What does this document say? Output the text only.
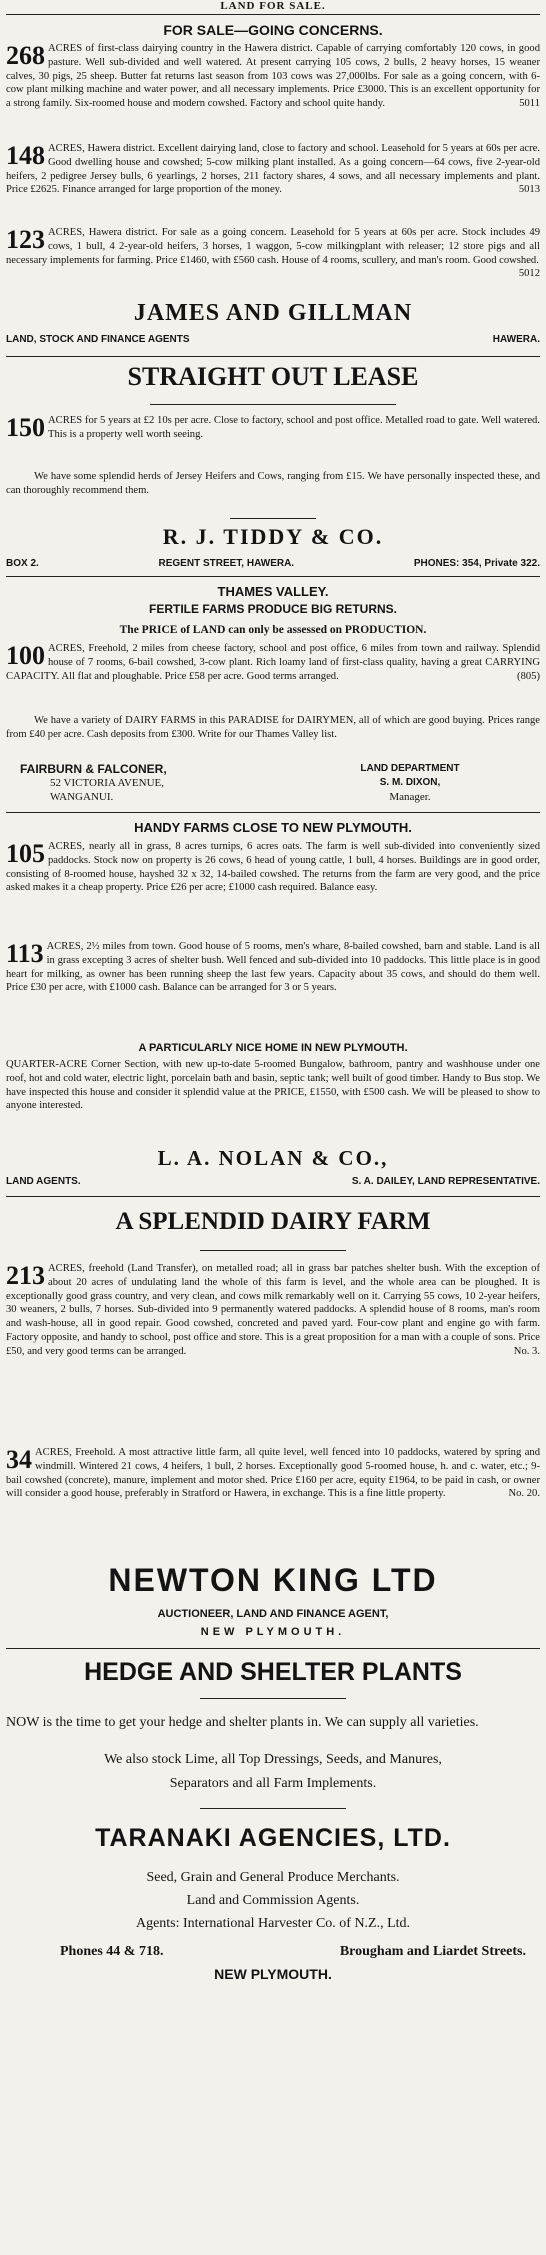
LAND FOR SALE.
FOR SALE—GOING CONCERNS.
268 ACRES of first-class dairying country in the Hawera district. Capable of carrying comfortably 120 cows, in good pasture. Well sub-divided and well watered. At present carrying 105 cows, 2 bulls, 2 heavy horses, 15 weaner calves, 30 pigs, 25 sheep. Butter fat returns last season from 103 cows was 27,000lbs. For sale as a going concern, with 6-cow plant milking machine and water power, and all necessary implements. Price £3000. This is an excellent opportunity for a strong family. Six-roomed house and modern cowshed. Factory and school quite handy.	5011
148 ACRES, Hawera district. Excellent dairying land, close to factory and school. Leasehold for 5 years at 60s per acre. Good dwelling house and cowshed; 5-cow milking plant installed. As a going concern—64 cows, five 2-year-old heifers, 2 pedigree Jersey bulls, 6 yearlings, 2 horses, 211 factory shares, 4 sows, and all necessary implements and plant. Price £2625. Finance arranged for large proportion of the money.	5013
123 ACRES, Hawera district. For sale as a going concern. Leasehold for 5 years at 60s per acre. Stock includes 49 cows, 1 bull, 4 2-year-old heifers, 3 horses, 1 waggon, 5-cow milkingplant with releaser; 12 store pigs and all necessary implements for farming. Price £1460, with £560 cash. House of 4 rooms, scullery, and man's room. Good cowshed.
5012
JAMES AND GILLMAN
LAND, STOCK AND FINANCE AGENTS	HAWERA.
STRAIGHT OUT LEASE
150 ACRES for 5 years at £2 10s per acre. Close to factory, school and post office. Metalled road to gate. Well watered. This is a property well worth seeing.
We have some splendid herds of Jersey Heifers and Cows, ranging from £15. We have personally inspected these, and can thoroughly recommend them.
R. J. TIDDY & CO.
BOX 2.	REGENT STREET, HAWERA.	PHONES: 354, Private 322.
THAMES VALLEY.
FERTILE FARMS PRODUCE BIG RETURNS.
The PRICE of LAND can only be assessed on PRODUCTION.
100 ACRES, Freehold, 2 miles from cheese factory, school and post office, 6 miles from town and railway. Splendid house of 7 rooms, 6-bail cowshed, 3-cow plant. Rich loamy land of first-class quality, having a great CARRYING CAPACITY. All flat and ploughable. Price £58 per acre. Good terms arranged.	(805)
We have a variety of DAIRY FARMS in this PARADISE for DAIRYMEN, all of which are good buying. Prices range from £40 per acre. Cash deposits from £300. Write for our Thames Valley list.
FAIRBURN & FALCONER,
52 VICTORIA AVENUE,
WANGANUI.
LAND DEPARTMENT
S. M. DIXON,
Manager.
HANDY FARMS CLOSE TO NEW PLYMOUTH.
105 ACRES, nearly all in grass, 8 acres turnips, 6 acres oats. The farm is well sub-divided into conveniently sized paddocks. Stock now on property is 26 cows, 6 head of young cattle, 1 bull, 4 horses. Buildings are in good order, consisting of 8-roomed house, hayshed 32 x 32, 14-bailed cowshed. The returns from the farm are very good, and the price asked makes it a cheap property. Price £26 per acre; £1000 cash required. Balance easy.
113 ACRES, 2½ miles from town. Good house of 5 rooms, men's whare, 8-bailed cowshed, barn and stable. Land is all in grass excepting 3 acres of shelter bush. Well fenced and sub-divided into 10 paddocks. This little place is in good heart for milking, as owner has been running sheep the last few years. Capacity about 35 cows, and should do them well. Price £30 per acre, with £1000 cash. Balance can be arranged for 3 or 5 years.
A PARTICULARLY NICE HOME IN NEW PLYMOUTH.
QUARTER-ACRE Corner Section, with new up-to-date 5-roomed Bungalow, bathroom, pantry and washhouse under one roof, hot and cold water, electric light, porcelain bath and basin, septic tank; well built of good timber. Handy to Bus stop. We have inspected this house and consider it splendid value at the PRICE, £1550, with £500 cash. We will be pleased to show to anyone interested.
L. A. NOLAN & CO.,
LAND AGENTS.	S. A. DAILEY, LAND REPRESENTATIVE.
A SPLENDID DAIRY FARM
213 ACRES, freehold (Land Transfer), on metalled road; all in grass bar patches shelter bush. With the exception of about 20 acres of undulating land the whole of this farm is level, and the whole area can be ploughed. It is exceptionally good grass country, and very clean, and cows milk remarkably well on it. Carrying 55 cows, 10 2-year heifers, 30 weaners, 2 bulls, 7 horses. Sub-divided into 9 permanently watered paddocks. A splendid house of 8 rooms, man's room and wash-house, all in good repair. Good cowshed, concreted and paved yard. Four-cow plant and engine go with farm. Factory opposite, and handy to school, post office and store. This is a great proposition for a man with a couple of sons. Price £50, and very good terms can be arranged.	No. 3.
34 ACRES, Freehold. A most attractive little farm, all quite level, well fenced into 10 paddocks, watered by spring and windmill. Wintered 21 cows, 4 heifers, 1 bull, 2 horses. Exceptionally good 5-roomed house, h. and c. water, etc.; 9-bail cowshed (concrete), manure, implement and motor shed. Price £160 per acre, equity £1964, to be paid in cash, or owner will consider a good house, preferably in Stratford or Hawera, in exchange. This is a fine little property.	No. 20.
NEWTON KING LTD
AUCTIONEER, LAND AND FINANCE AGENT,
NEW PLYMOUTH.
HEDGE AND SHELTER PLANTS
NOW is the time to get your hedge and shelter plants in. We can supply all varieties.
We also stock Lime, all Top Dressings, Seeds, and Manures,
Separators and all Farm Implements.
TARANAKI AGENCIES, LTD.
Seed, Grain and General Produce Merchants.
Land and Commission Agents.
Agents: International Harvester Co. of N.Z., Ltd.
Phones 44 & 718.	Brougham and Liardet Streets.
NEW PLYMOUTH.
